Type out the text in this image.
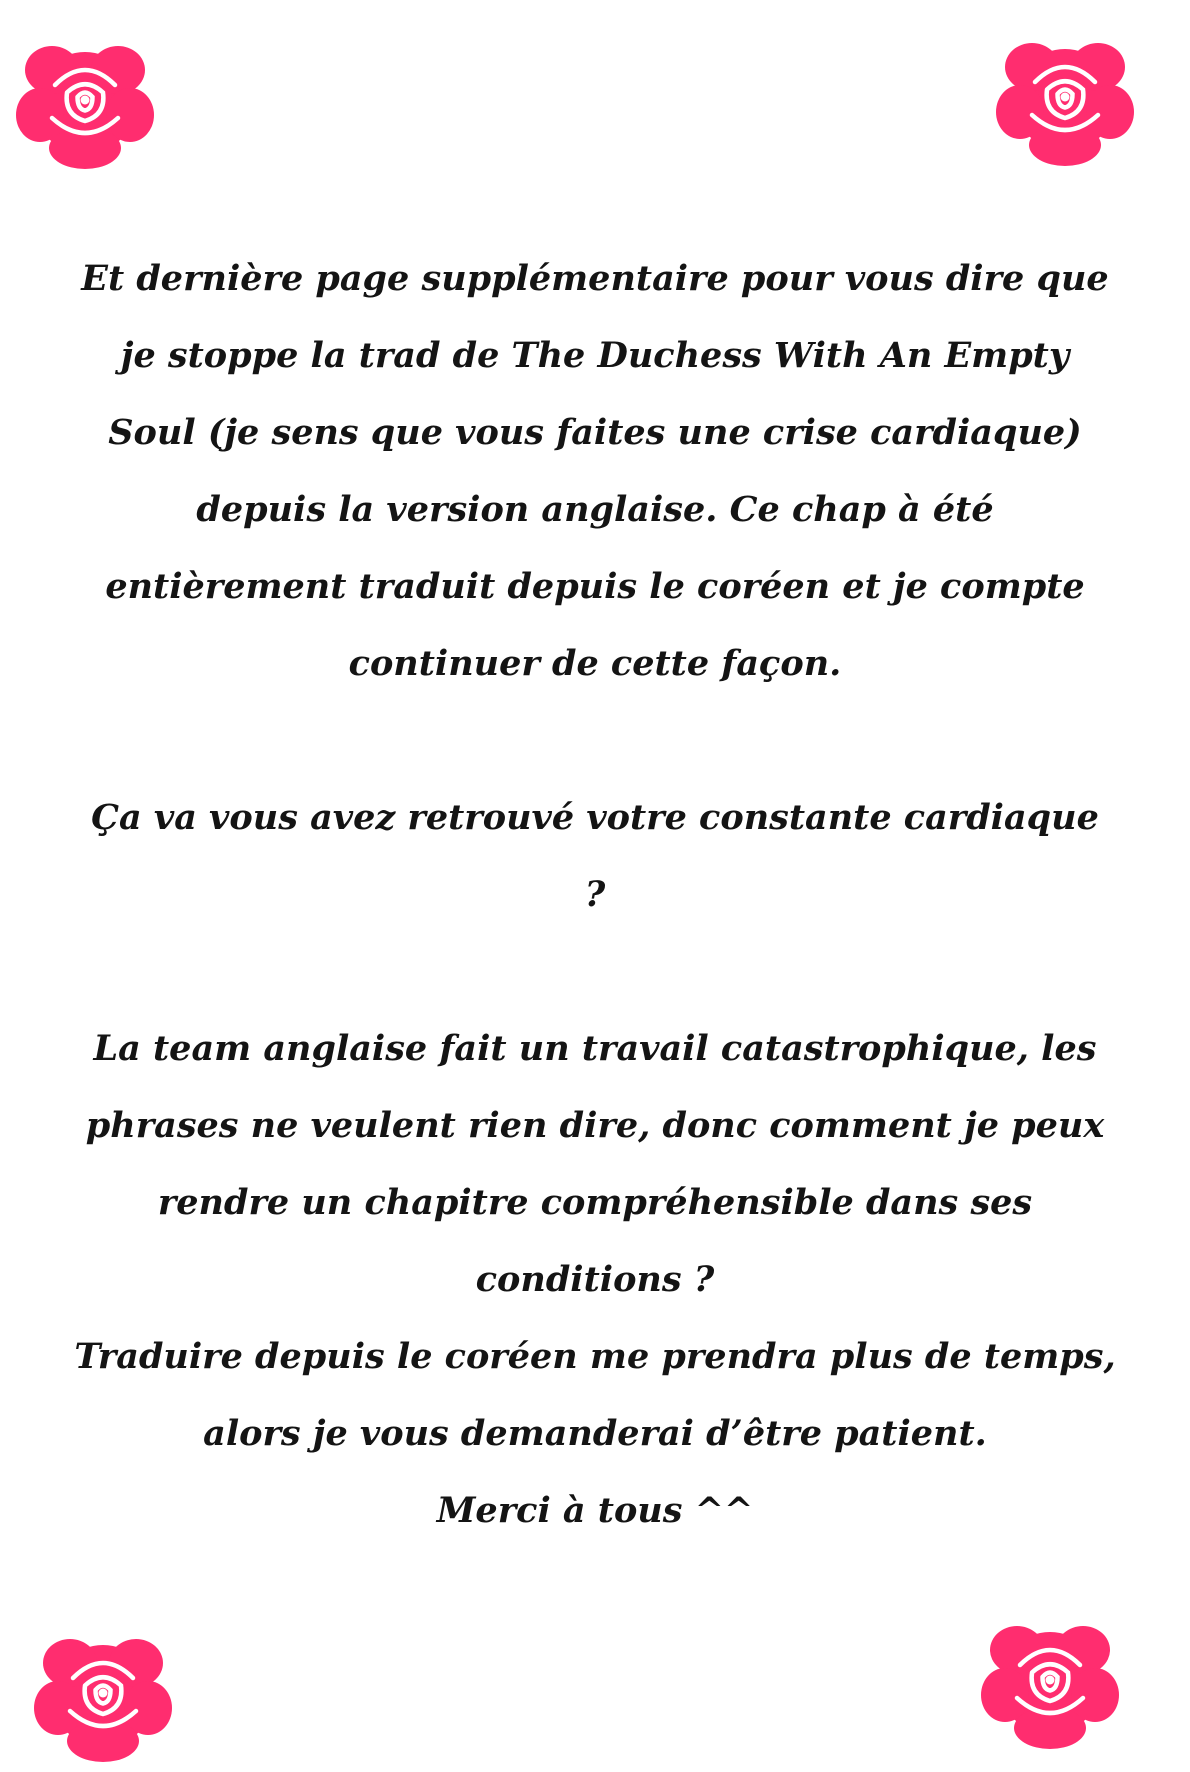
Et dernière page supplémentaire pour vous dire que
je stoppe la trad de The Duchess With An Empty
Soul (je sens que vous faites une crise cardiaque)
depuis la version anglaise. Ce chap à été
entièrement traduit depuis le coréen et je compte
continuer de cette façon.
Ça va vous avez retrouvé votre constante cardiaque
?
La team anglaise fait un travail catastrophique, les
phrases ne veulent rien dire, donc comment je peux
rendre un chapitre compréhensible dans ses
conditions ?
Traduire depuis le coréen me prendra plus de temps,
alors je vous demanderai d’être patient.
Merci à tous ^^
